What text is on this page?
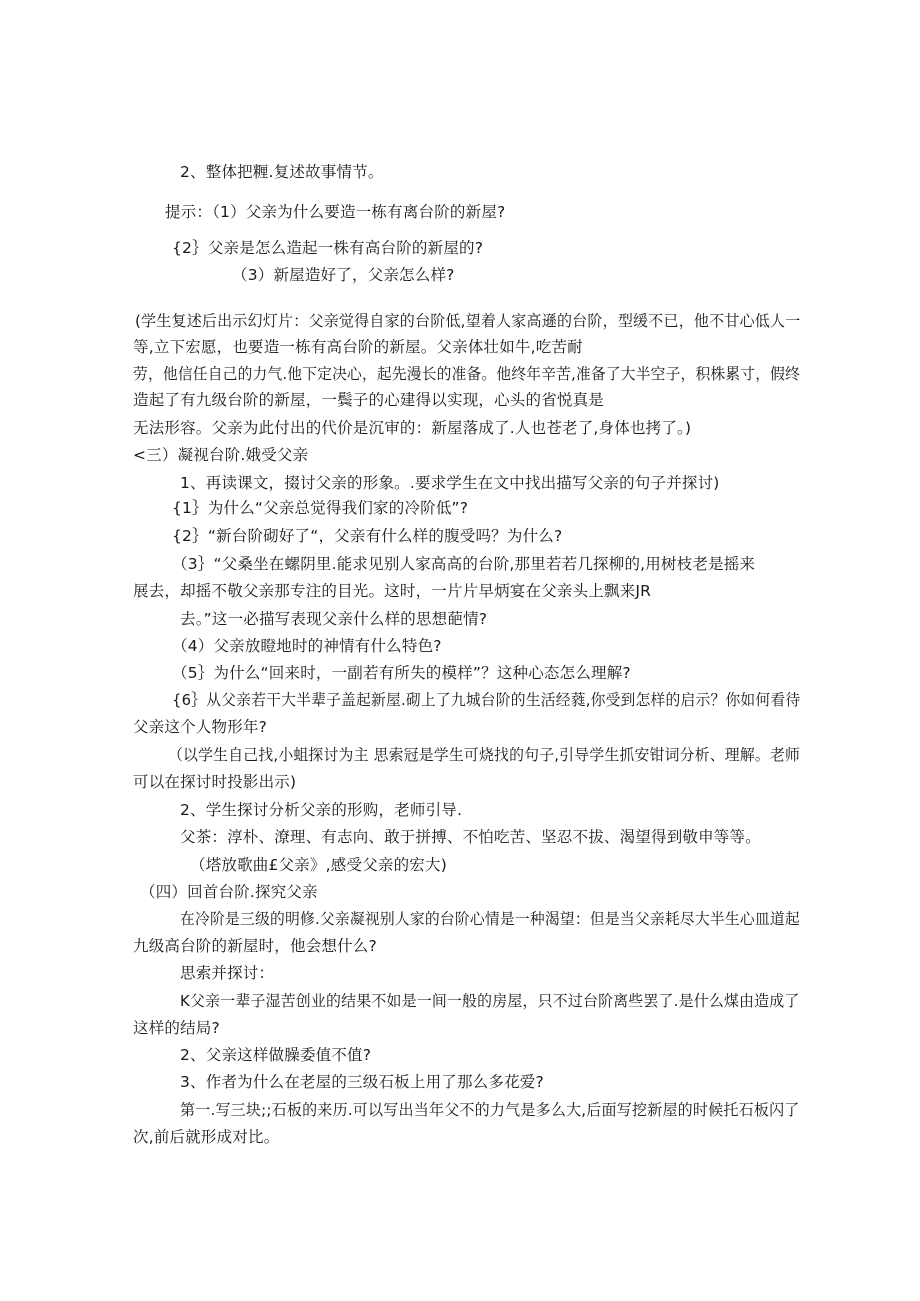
2、整体把糎.复述故事情节。
提示：（1）父亲为什么要造一栋有离台阶的新屋?
{2｝父亲是怎么造起一株有高台阶的新屋的?
（3）新屋造好了，父亲怎么样?
(学生复述后出示幻灯片：父亲觉得自家的台阶低,望着人家高遜的台阶，型缓不已，他不甘心低人一
等,立下宏愿，也要造一栋有高台阶的新屋。父亲体壮如牛,吃苦耐
劳，他信任自己的力气.他下定决心，起先漫长的准备。他终年辛苦,准备了大半空子，积株累寸，假终
造起了有九级台阶的新屋，一鬓子的心建得以实现，心头的省悦真是
无法形容。父亲为此付出的代价是沉审的：新屋落成了.人也苍老了,身体也拷了。)
<三）凝视台阶.娥受父亲
1、再读课文，掇讨父亲的形象。.要求学生在文中找出描写父亲的句子并探讨)
{1｝为什么“父亲总觉得我们家的冷阶低”?
{2｝“新台阶砌好了“，父亲有什么样的腹受吗？为什么?
（3｝“父桑坐在螺阴里.能求见别人家高高的台阶,那里若若几探柳的,用树枝老是摇来
展去，却摇不敬父亲那专注的目光。这时，一片片早炳宴在父亲头上飘来JR
去。”这一必描写表现父亲什么样的思想葩情?
（4）父亲放瞪地时的神情有什么特色?
（5｝为什么“回来时，一副若有所失的模样”？这种心态怎么理解?
{6｝从父亲若干大半辈子盖起新屋.砌上了九城台阶的生活经蕤,你受到怎样的启示？你如何看待
父亲这个人物形年?
（以学生自己找,小蛆探讨为主 思索冠是学生可烧找的句子,引导学生抓安钳词分析、理解。老师
可以在探讨时投影出示)
2、学生探讨分析父亲的形购，老师引导.
父茶：淳朴、潦理、有志向、敢于拼搏、不怕吃苦、坚忍不拔、渴望得到敬申等等。
（塔放歌曲£父亲》,感受父亲的宏大)
（四）回首台阶.探究父亲
在冷阶是三级的明修.父亲凝视别人家的台阶心情是一种渴望：但是当父亲耗尽大半生心皿道起
九级高台阶的新屋时，他会想什么?
思索并探讨：
K父亲一辈子湿苦创业的结果不如是一间一般的房屋，只不过台阶离些罢了.是什么煤由造成了
这样的结局?
2、父亲这样做臊委值不值?
3、作者为什么在老屋的三级石板上用了那么多花爱?
第一.写三块;;石板的来历.可以写出当年父不的力气是多么大,后面写挖新屋的时候托石板闪了
次,前后就形成对比。
